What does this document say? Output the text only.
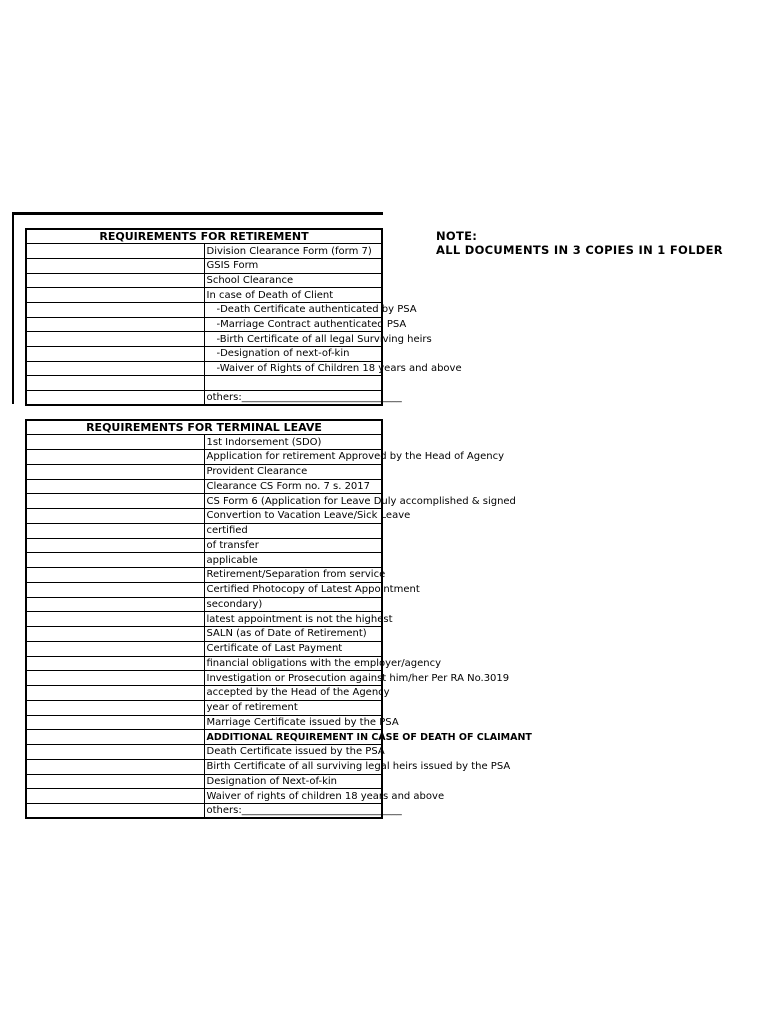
REQUIREMENTS FOR RETIREMENT	
	Division Clearance Form (form 7)
	GSIS Form
	School Clearance
	In case of Death of Client
	-Death Certificate authenticated by PSA
	-Marriage Contract authenticated PSA
	-Birth Certificate of all legal Surviving heirs
	-Designation of next-of-kin
	-Waiver of Rights of Children 18 years and above

	others:________________________________
REQUIREMENTS FOR TERMINAL LEAVE	
	1st Indorsement (SDO)
	Application for retirement Approved by the Head of Agency
	Provident Clearance
	Clearance CS Form no. 7 s. 2017
	CS Form 6 (Application for Leave Duly accomplished & signed
	Convertion to Vacation Leave/Sick Leave
	certified
	of transfer
	applicable
	Retirement/Separation from service
	Certified Photocopy of Latest Appointment
	secondary)
	latest appointment is not the highest
	SALN (as of Date of Retirement)
	Certificate of Last Payment
	financial obligations with the employer/agency
	Investigation or Prosecution against him/her Per RA No.3019
	accepted by the Head of the Agency
	year of retirement
	Marriage Certificate issued by the PSA
	ADDITIONAL REQUIREMENT IN CASE OF DEATH OF CLAIMANT
	Death Certificate issued by the PSA
	Birth Certificate of all surviving legal heirs issued by the PSA
	Designation of Next-of-kin
	Waiver of rights of children 18 years and above
	others:________________________________
NOTE:
ALL DOCUMENTS IN 3 COPIES IN 1 FOLDER
